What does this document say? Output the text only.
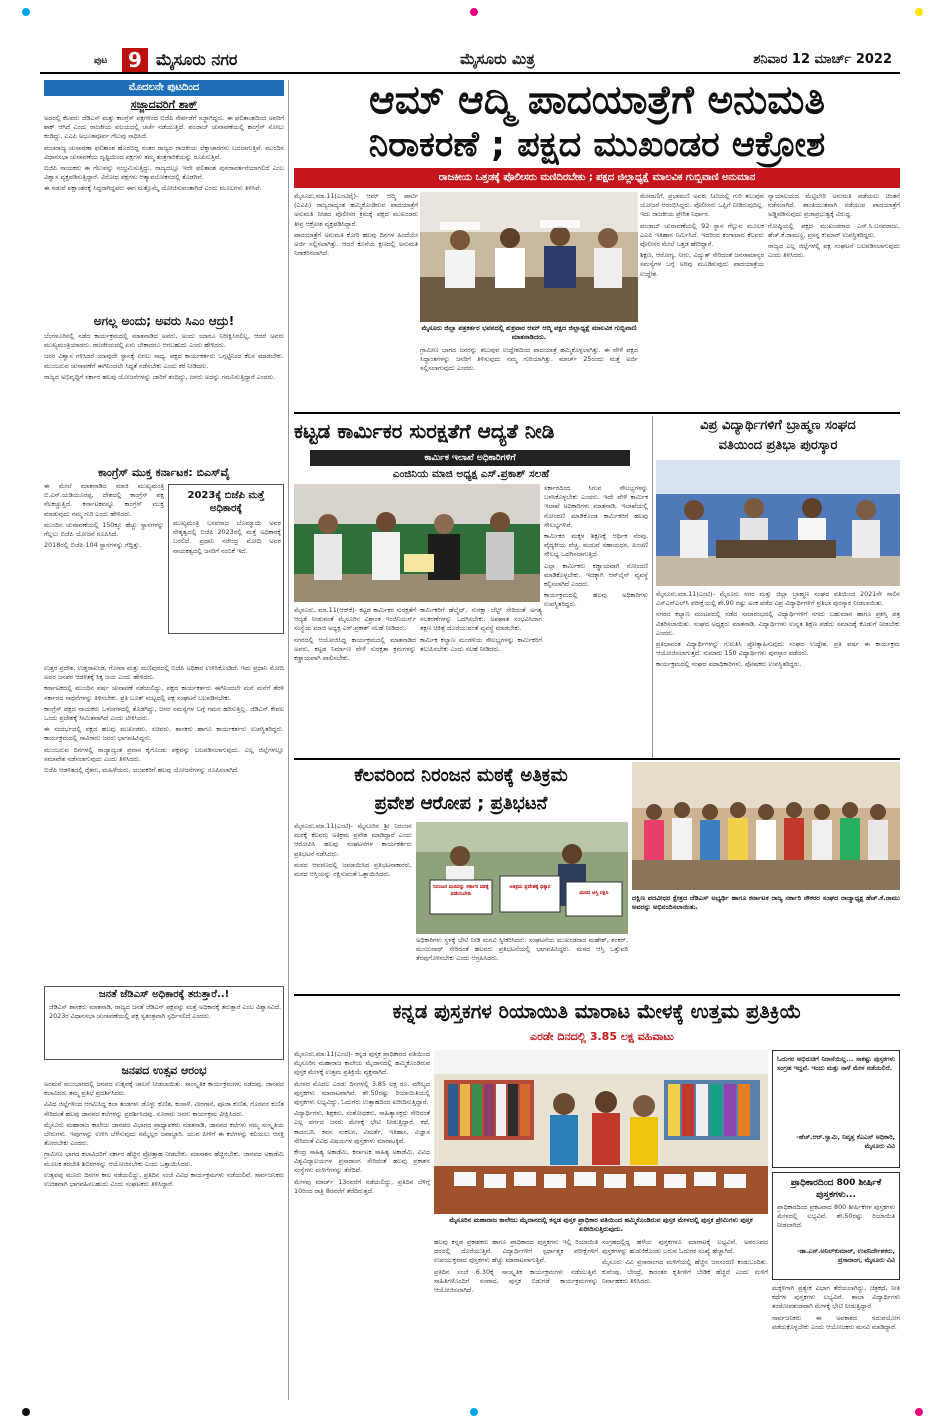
ಪುಟ	9 ಮೈಸೂರು ನಗರ	ಮೈಸೂರು ಮಿತ್ರ	ಶನಿವಾರ 12 ಮಾರ್ಚ್ 2022
ಮೊದಲನೇ ಪುಟದಿಂದ
ಸಜ್ಜಾದವರಿಗೆ ಶಾಕ್

ಅದರಲ್ಲಿ ಕೆಲವರು ಜೆಡಿಎಸ್ ಮತ್ತು ಕಾಂಗ್ರೆಸ್ ಪಕ್ಷಗಳಿಂದ ಬಿಜೆಪಿ ಸೇರ್ಪಡೆಗೆ ಸಜ್ಜಾಗಿದ್ದರು. ಈ ಫಲಿತಾಂಶದಿಂದ ಅವರಿಗೆ ಶಾಕ್ ಆಗಿದೆ ಎಂದು ರಾಜಕೀಯ ವಲಯದಲ್ಲಿ ಚರ್ಚೆ ನಡೆಯುತ್ತಿದೆ. ಪಂಜಾಬ್ ಚುನಾವಣೆಯಲ್ಲಿ ಕಾಂಗ್ರೆಸ್ ಸೋಲು ಕಂಡಿದ್ದು, ಎಎಪಿ ಅಭೂತಪೂರ್ವ ಗೆಲುವು ಸಾಧಿಸಿದೆ.

ಪಂಚರಾಜ್ಯ ಚುನಾವಣಾ ಫಲಿತಾಂಶ ಹೊರಬಿದ್ದ ನಂತರ ರಾಜ್ಯದ ರಾಜಕೀಯ ಲೆಕ್ಕಾಚಾರಗಳು ಬದಲಾಗುತ್ತಿವೆ. ಮುಂದಿನ ವಿಧಾನಸಭಾ ಚುನಾವಣೆಯ ದೃಷ್ಟಿಯಿಂದ ಪಕ್ಷಗಳು ತಮ್ಮ ತಂತ್ರಗಾರಿಕೆಯನ್ನು ರೂಪಿಸುತ್ತಿವೆ.

ಬಿಜೆಪಿ ನಾಯಕರು ಈ ಗೆಲುವನ್ನು ಸಂಭ್ರಮಿಸುತ್ತಿದ್ದು, ರಾಜ್ಯದಲ್ಲೂ ಇದೇ ಫಲಿತಾಂಶ ಪುನರಾವರ್ತನೆಯಾಗಲಿದೆ ಎಂಬ ವಿಶ್ವಾಸ ವ್ಯಕ್ತಪಡಿಸುತ್ತಿದ್ದಾರೆ. ವಿರೋಧ ಪಕ್ಷಗಳು ಆತ್ಮಾವಲೋಕನದಲ್ಲಿ ತೊಡಗಿವೆ.

ಈ ನಡುವೆ ಪಕ್ಷಾಂತರಕ್ಕೆ ಸಿದ್ಧರಾಗಿದ್ದವರು ಈಗ ಮತ್ತೊಮ್ಮೆ ಯೋಚಿಸುವಂತಾಗಿದೆ ಎಂದು ಮೂಲಗಳು ತಿಳಿಸಿವೆ.

ಅಗಲ್ಲ ಅಂದು; ಅವರು ಸಿಎಂ ಆದ್ರು!

ಬೆಂಗಳೂರಿನಲ್ಲಿ ನಡೆದ ಕಾರ್ಯಕ್ರಮದಲ್ಲಿ ಮಾತನಾಡಿದ ಅವರು, ಅಂದು ಯಾರೂ ನಿರೀಕ್ಷಿಸಿರಲಿಲ್ಲ, ಆದರೆ ಅವರು ಮುಖ್ಯಮಂತ್ರಿಯಾದರು. ರಾಜಕೀಯದಲ್ಲಿ ಏನು ಬೇಕಾದರೂ ಆಗಬಹುದು ಎಂದು ಹೇಳಿದರು.

ಜನರ ವಿಶ್ವಾಸ ಗಳಿಸಿದರೆ ಯಾವುದೇ ಸ್ಥಾನಕ್ಕೆ ಏರಲು ಸಾಧ್ಯ. ಪಕ್ಷದ ಕಾರ್ಯಕರ್ತರು ಒಗ್ಗಟ್ಟಿನಿಂದ ಕೆಲಸ ಮಾಡಬೇಕು. ಮುಂಬರುವ ಚುನಾವಣೆಗೆ ಈಗಿನಿಂದಲೇ ಸಿದ್ಧತೆ ನಡೆಸಬೇಕು ಎಂದು ಕರೆ ನೀಡಿದರು.

ರಾಜ್ಯದ ಅಭಿವೃದ್ಧಿಗೆ ಸರ್ಕಾರ ಹಲವು ಯೋಜನೆಗಳನ್ನು ಜಾರಿಗೆ ತಂದಿದ್ದು, ಜನರು ಅದನ್ನು ಗಮನಿಸುತ್ತಿದ್ದಾರೆ ಎಂದರು.

ಕಾಂಗ್ರೆಸ್ ಮುಕ್ತ ಕರ್ನಾಟಕ: ಬಿಎಸ್‌ವೈ

ಈ ಮೇಲೆ ಮಾತನಾಡಿದ ಮಾಜಿ ಮುಖ್ಯಮಂತ್ರಿ ಬಿ.ಎಸ್.ಯಡಿಯೂರಪ್ಪ, ದೇಶದಲ್ಲಿ ಕಾಂಗ್ರೆಸ್ ಪಕ್ಷ ನೆಲಕಚ್ಚುತ್ತಿದೆ. ಕರ್ನಾಟಕವನ್ನೂ ಕಾಂಗ್ರೆಸ್ ಮುಕ್ತ ಮಾಡುವುದು ನಮ್ಮ ಗುರಿ ಎಂದು ಹೇಳಿದರು.

ಮುಂದಿನ ಚುನಾವಣೆಯಲ್ಲಿ 150ಕ್ಕೂ ಹೆಚ್ಚು ಸ್ಥಾನಗಳನ್ನು ಗೆಲ್ಲಲು ಬಿಜೆಪಿ ಯೋಜನೆ ರೂಪಿಸಿದೆ.

2018ರಲ್ಲಿ ಬಿಜೆಪಿ 104 ಸ್ಥಾನಗಳನ್ನು ಗೆದ್ದಿತ್ತು.

2023ಕ್ಕೆ ಬಿಜೆಪಿ ಮತ್ತೆ ಅಧಿಕಾರಕ್ಕೆ

ಮುಖ್ಯಮಂತ್ರಿ ಬಸವರಾಜ ಬೊಮ್ಮಾಯಿ ಅವರ ನೇತೃತ್ವದಲ್ಲಿ ಬಿಜೆಪಿ 2023ರಲ್ಲಿ ಮತ್ತೆ ಅಧಿಕಾರಕ್ಕೆ ಬರಲಿದೆ. ಪ್ರಧಾನಿ ನರೇಂದ್ರ ಮೋದಿ ಅವರ ನಾಯಕತ್ವದಲ್ಲಿ ಜನರಿಗೆ ನಂಬಿಕೆ ಇದೆ.

ಉತ್ತರ ಪ್ರದೇಶ, ಉತ್ತರಾಖಂಡ, ಗೋವಾ ಮತ್ತು ಮಣಿಪುರದಲ್ಲಿ ಬಿಜೆಪಿ ಅಧಿಕಾರ ಉಳಿಸಿಕೊಂಡಿದೆ. ಇದು ಪ್ರಧಾನಿ ಮೋದಿ ಅವರ ಜನಪರ ಆಡಳಿತಕ್ಕೆ ಸಿಕ್ಕ ಜಯ ಎಂದು ಹೇಳಿದರು.

ಕರ್ನಾಟಕದಲ್ಲಿ ಮುಂದಿನ ವರ್ಷ ಚುನಾವಣೆ ನಡೆಯಲಿದ್ದು, ಪಕ್ಷದ ಕಾರ್ಯಕರ್ತರು ಈಗಿನಿಂದಲೇ ಮನೆ ಮನೆಗೆ ತೆರಳಿ ಸರ್ಕಾರದ ಸಾಧನೆಗಳನ್ನು ತಿಳಿಸಬೇಕು. ಪ್ರತಿ ಬೂತ್ ಮಟ್ಟದಲ್ಲಿ ಪಕ್ಷ ಸಂಘಟನೆ ಬಲಪಡಿಸಬೇಕು.

ಕಾಂಗ್ರೆಸ್ ಪಕ್ಷದ ನಾಯಕರು ಒಳಜಗಳದಲ್ಲಿ ತೊಡಗಿದ್ದು, ಜನರ ಸಮಸ್ಯೆಗಳ ಬಗ್ಗೆ ಗಮನ ಹರಿಸುತ್ತಿಲ್ಲ. ಜೆಡಿಎಸ್ ಕೇವಲ ಒಂದು ಪ್ರದೇಶಕ್ಕೆ ಸೀಮಿತವಾಗಿದೆ ಎಂದು ಟೀಕಿಸಿದರು.

ಈ ಸಂದರ್ಭದಲ್ಲಿ ಪಕ್ಷದ ಹಲವು ಮುಖಂಡರು, ಸಚಿವರು, ಶಾಸಕರು ಹಾಗೂ ಕಾರ್ಯಕರ್ತರು ಉಪಸ್ಥಿತರಿದ್ದರು. ಕಾರ್ಯಕ್ರಮದಲ್ಲಿ ಸಾವಿರಾರು ಜನರು ಭಾಗವಹಿಸಿದ್ದರು.

ಮುಂಬರುವ ದಿನಗಳಲ್ಲಿ ರಾಜ್ಯಾದ್ಯಂತ ಪ್ರವಾಸ ಕೈಗೊಂಡು ಪಕ್ಷವನ್ನು ಬಲಪಡಿಸಲಾಗುವುದು. ಎಲ್ಲ ಜಿಲ್ಲೆಗಳಲ್ಲೂ ಸಮಾವೇಶ ನಡೆಸಲಾಗುವುದು ಎಂದು ತಿಳಿಸಿದರು.

ಬಿಜೆಪಿ ಆಡಳಿತದಲ್ಲಿ ರೈತರು, ಮಹಿಳೆಯರು, ಯುವಕರಿಗೆ ಹಲವು ಯೋಜನೆಗಳನ್ನು ರೂಪಿಸಲಾಗಿದೆ.

ಜನತೆ ಜೆಡಿಎಸ್ ಅಧಿಕಾರಕ್ಕೆ ತರುತ್ತಾರೆ..!

ಜೆಡಿಎಸ್ ಶಾಸಕರು ಮಾತನಾಡಿ, ರಾಜ್ಯದ ಜನತೆ ಜೆಡಿಎಸ್ ಪಕ್ಷವನ್ನು ಮತ್ತೆ ಅಧಿಕಾರಕ್ಕೆ ತರುತ್ತಾರೆ ಎಂಬ ವಿಶ್ವಾಸವಿದೆ. 2023ರ ವಿಧಾನಸಭಾ ಚುನಾವಣೆಯಲ್ಲಿ ಪಕ್ಷ ಸ್ವತಂತ್ರವಾಗಿ ಸ್ಪರ್ಧಿಸಲಿದೆ ಎಂದರು.

ಜನಪದ ಉತ್ಸವ ಆರಂಭ

ಅರಮನೆ ಮುಂಭಾಗದಲ್ಲಿ ಜನಪದ ಉತ್ಸವಕ್ಕೆ ಚಾಲನೆ ನೀಡಲಾಯಿತು. ಸಾಂಸ್ಕೃತಿಕ ಕಾರ್ಯಕ್ರಮಗಳು ನಡೆದವು. ಜಾನಪದ ಕಲಾವಿದರು ತಮ್ಮ ಪ್ರತಿಭೆ ಪ್ರದರ್ಶಿಸಿದರು.

ವಿವಿಧ ಜಿಲ್ಲೆಗಳಿಂದ ಆಗಮಿಸಿದ್ದ ಕಲಾ ತಂಡಗಳು ಡೊಳ್ಳು ಕುಣಿತ, ಕಂಸಾಳೆ, ವೀರಗಾಸೆ, ಪೂಜಾ ಕುಣಿತ, ಗೊರವರ ಕುಣಿತ ಸೇರಿದಂತೆ ಹಲವು ಜಾನಪದ ಕಲೆಗಳನ್ನು ಪ್ರದರ್ಶಿಸಿದವು. ನೂರಾರು ಜನರು ಕಾರ್ಯಕ್ರಮ ವೀಕ್ಷಿಸಿದರು.

ಮೈಸೂರು ಮಹಾರಾಜ ಕಾಲೇಜು ಜಾನಪದ ವಿಭಾಗದ ಪ್ರಾಧ್ಯಾಪಕರು ಮಾತನಾಡಿ, ಜಾನಪದ ಕಲೆಗಳು ನಮ್ಮ ಸಂಸ್ಕೃತಿಯ ಬೇರುಗಳು. ಇವುಗಳನ್ನು ಉಳಿಸಿ ಬೆಳೆಸುವುದು ನಮ್ಮೆಲ್ಲರ ಜವಾಬ್ದಾರಿ. ಯುವ ಪೀಳಿಗೆ ಈ ಕಲೆಗಳನ್ನು ಕಲಿಯಲು ಆಸಕ್ತಿ ತೋರಬೇಕು ಎಂದರು.

ಗ್ರಾಮೀಣ ಭಾಗದ ಕಲಾವಿದರಿಗೆ ಸರ್ಕಾರ ಹೆಚ್ಚಿನ ಪ್ರೋತ್ಸಾಹ ನೀಡಬೇಕು. ಮಾಸಾಶನ ಹೆಚ್ಚಿಸಬೇಕು. ಜಾನಪದ ಅಕಾಡೆಮಿ ಮೂಲಕ ತರಬೇತಿ ಶಿಬಿರಗಳನ್ನು ಆಯೋಜಿಸಬೇಕು ಎಂದು ಒತ್ತಾಯಿಸಿದರು.

ಉತ್ಸವವು ಮೂರು ದಿನಗಳ ಕಾಲ ನಡೆಯಲಿದ್ದು, ಪ್ರತಿದಿನ ಸಂಜೆ ವಿವಿಧ ಕಾರ್ಯಕ್ರಮಗಳು ನಡೆಯಲಿವೆ. ಸಾರ್ವಜನಿಕರು ಉಚಿತವಾಗಿ ಭಾಗವಹಿಸಬಹುದು ಎಂದು ಸಂಘಟಕರು ತಿಳಿಸಿದ್ದಾರೆ.

ಆಮ್ ಆದ್ಮಿ ಪಾದಯಾತ್ರೆಗೆ ಅನುಮತಿ
ನಿರಾಕರಣೆ ; ಪಕ್ಷದ ಮುಖಂಡರ ಆಕ್ರೋಶ
ರಾಜಕೀಯ ಒತ್ತಡಕ್ಕೆ ಪೊಲೀಸರು ಮಣಿದಿರಬೇಕು ; ಪಕ್ಷದ ಜಿಲ್ಲಾಧ್ಯಕ್ಷೆ ಮಾಲವಿಕ ಗುಬ್ಬಿವಾಣಿ ಅನುಮಾನ

ಮೈಸೂರು,ಮಾ.11(ಎಂಟಿವೈ)- ಆಮ್ ಆದ್ಮಿ ಪಾರ್ಟಿ (ಎಎಪಿ) ರಾಜ್ಯದಾದ್ಯಂತ ಹಮ್ಮಿಕೊಂಡಿರುವ ಪಾದಯಾತ್ರೆಗೆ ಅನುಮತಿ ನೀಡದ ಪೊಲೀಸರ ಕ್ರಮಕ್ಕೆ ಪಕ್ಷದ ಮುಖಂಡರು ತೀವ್ರ ಆಕ್ರೋಶ ವ್ಯಕ್ತಪಡಿಸಿದ್ದಾರೆ.

ಪಾದಯಾತ್ರೆಗೆ ಅನುಮತಿ ಕೋರಿ ಹಲವು ದಿನಗಳ ಹಿಂದೆಯೇ ಅರ್ಜಿ ಸಲ್ಲಿಸಲಾಗಿತ್ತು. ಆದರೆ ಕೊನೆಯ ಕ್ಷಣದಲ್ಲಿ ಅನುಮತಿ ನಿರಾಕರಿಸಲಾಗಿದೆ.

ಮೇವಾಣಿಗೆ, ಪ್ರಭಾಮಣಿ ಅವರು ಸಿಟಿಯಲ್ಲಿ ಗುರಿ ತಲುಪುವ ಯೋಜನೆ ಆರಂಭಿಸಿದ್ದರು. ಪೊಲೀಸರು ಒಪ್ಪಿಗೆ ನೀಡಿರುವುದಿಲ್ಲ. ಇದು ರಾಜಕೀಯ ಪ್ರೇರಿತ ನಿರ್ಧಾರ.

ಪಂಜಾಬ್ ಚುನಾವಣೆಯಲ್ಲಿ 92 ಸ್ಥಾನ ಗೆಲ್ಲುವ ಮೂಲಕ ಎಎಪಿ ಇತಿಹಾಸ ನಿರ್ಮಿಸಿದೆ. ಇದರಿಂದ ಕಂಗಾಲಾದ ಕೆಲವರು ಪೊಲೀಸರ ಮೇಲೆ ಒತ್ತಡ ಹೇರಿದ್ದಾರೆ.

ಶಿಕ್ಷಣ, ಆರೋಗ್ಯ, ನೀರು, ವಿದ್ಯುತ್ ಸೇರಿದಂತೆ ಜನಸಾಮಾನ್ಯರ ಸಮಸ್ಯೆಗಳ ಬಗ್ಗೆ ಅರಿವು ಮೂಡಿಸುವುದು ಪಾದಯಾತ್ರೆಯ ಉದ್ದೇಶ.

ನ್ಯಾಯಾಲಯದ ಮೆಟ್ಟಿಲೇರಿ ಅನುಮತಿ ಪಡೆಯಲು ಚಿಂತನೆ ನಡೆಸಲಾಗಿದೆ. ಶಾಂತಿಯುತವಾಗಿ ನಡೆಯುವ ಪಾದಯಾತ್ರೆಗೆ ಅಡ್ಡಿಪಡಿಸುವುದು ಪ್ರಜಾಪ್ರಭುತ್ವಕ್ಕೆ ವಿರುದ್ಧ.

ಗೋಷ್ಠಿಯಲ್ಲಿ ಪಕ್ಷದ ಮುಖಂಡರಾದ ಎಸ್.ಸಿ.ಬಸವರಾಜು, ಹೆಚ್.ಕೆ.ರಾಮಣ್ಣ, ಪ್ರಸನ್ನ ಕುಮಾರ್ ಉಪಸ್ಥಿತರಿದ್ದರು.

ರಾಜ್ಯದ ಎಲ್ಲ ಜಿಲ್ಲೆಗಳಲ್ಲಿ ಪಕ್ಷ ಸಂಘಟನೆ ಬಲಪಡಿಸಲಾಗುವುದು ಎಂದು ತಿಳಿಸಿದರು.

ಮೈಸೂರು ಜಿಲ್ಲಾ ಪತ್ರಕರ್ತರ ಭವನದಲ್ಲಿ ಶುಕ್ರವಾರ ಆಮ್ ಆದ್ಮಿ ಪಕ್ಷದ ಜಿಲ್ಲಾಧ್ಯಕ್ಷೆ ಮಾಲವಿಕ ಗುಬ್ಬಿವಾಣಿ ಮಾತನಾಡಿದರು.

ಗ್ರಾಮೀಣ ಭಾಗದ ಜನರನ್ನು ತಲುಪುವ ಉದ್ದೇಶದಿಂದ ಪಾದಯಾತ್ರೆ ಹಮ್ಮಿಕೊಳ್ಳಲಾಗಿತ್ತು. ಈ ವೇಳೆ ಪಕ್ಷದ ಸಿದ್ಧಾಂತಗಳನ್ನು ಜನರಿಗೆ ತಿಳಿಸುವುದು ನಮ್ಮ ಗುರಿಯಾಗಿತ್ತು. ಮಾರ್ಚ್ 25ರಂದು ಮತ್ತೆ ಅರ್ಜಿ ಸಲ್ಲಿಸಲಾಗುವುದು ಎಂದರು.

ಕಟ್ಟಡ ಕಾರ್ಮಿಕರ ಸುರಕ್ಷತೆಗೆ ಆದ್ಯತೆ ನೀಡಿ
ಕಾರ್ಮಿಕ ಇಲಾಖೆ ಅಧಿಕಾರಿಗಳಿಗೆ
ಎಂಜಿನಿಯ ಮಾಜಿ ಅಧ್ಯಕ್ಷ ಎಸ್.ಪ್ರಕಾಶ್ ಸಲಹೆ

ಮೈಸೂರು, ಮಾ.11(ಆರ್‌ಕೆ)- ಕಟ್ಟಡ ಕಾರ್ಮಿಕರ ಸುರಕ್ಷತೆಗೆ ಆದ್ಯತೆ ನೀಡುವಂತೆ ಮೈಸೂರಿನ ವಿಶ್ರಾಂತ ಇಂಜಿನಿಯರ್ಸ್ ಸಂಸ್ಥೆಯ ಮಾಜಿ ಅಧ್ಯಕ್ಷ ಎಸ್.ಪ್ರಕಾಶ್ ಸಲಹೆ ನೀಡಿದರು.

ನಗರದಲ್ಲಿ ಆಯೋಜಿಸಿದ್ದ ಕಾರ್ಯಕ್ರಮದಲ್ಲಿ ಮಾತನಾಡಿದ ಅವರು, ಕಟ್ಟಡ ನಿರ್ಮಾಣ ವೇಳೆ ಸುರಕ್ಷತಾ ಕ್ರಮಗಳನ್ನು ಕಡ್ಡಾಯವಾಗಿ ಪಾಲಿಸಬೇಕು.

ಕಾರ್ಮಿಕರಿಗೆ ಹೆಲ್ಮೆಟ್, ಸುರಕ್ಷಾ ಬೆಲ್ಟ್ ಸೇರಿದಂತೆ ಅಗತ್ಯ ಸಲಕರಣೆಗಳನ್ನು ಒದಗಿಸಬೇಕು. ಅಪಘಾತ ಸಂಭವಿಸಿದಾಗ ತಕ್ಷಣ ಚಿಕಿತ್ಸೆ ದೊರೆಯುವಂತೆ ವ್ಯವಸ್ಥೆ ಮಾಡಬೇಕು.

ಕಾರ್ಮಿಕ ಕಲ್ಯಾಣ ಮಂಡಳಿಯ ಸೌಲಭ್ಯಗಳನ್ನು ಕಾರ್ಮಿಕರಿಗೆ ತಲುಪಿಸಬೇಕು ಎಂದು ಸಲಹೆ ನೀಡಿದರು.

ಸರ್ಕಾರದಿಂದ ಸಿಗುವ ಸೌಲಭ್ಯಗಳನ್ನು ಬಳಸಿಕೊಳ್ಳಬೇಕು ಎಂದರು. ಇದೇ ವೇಳೆ ಕಾರ್ಮಿಕ ಇಲಾಖೆ ಅಧಿಕಾರಿಗಳು ಮಾತನಾಡಿ, ಇಲಾಖೆಯಲ್ಲಿ ನೋಂದಣಿ ಮಾಡಿಕೊಂಡ ಕಾರ್ಮಿಕರಿಗೆ ಹಲವು ಸೌಲಭ್ಯಗಳಿವೆ.

ಕಾರ್ಮಿಕರ ಮಕ್ಕಳ ಶಿಕ್ಷಣಕ್ಕೆ ಆರ್ಥಿಕ ನೆರವು, ವೈದ್ಯಕೀಯ ವೆಚ್ಚ, ಮದುವೆ ಸಹಾಯಧನ, ಪಿಂಚಣಿ ಸೌಲಭ್ಯ ಒದಗಿಸಲಾಗುತ್ತಿದೆ.

ಎಲ್ಲಾ ಕಾರ್ಮಿಕರು ಕಡ್ಡಾಯವಾಗಿ ನೋಂದಣಿ ಮಾಡಿಕೊಳ್ಳಬೇಕು. ಇದಕ್ಕಾಗಿ ಆನ್‌ಲೈನ್ ವ್ಯವಸ್ಥೆ ಕಲ್ಪಿಸಲಾಗಿದೆ ಎಂದರು.

ಕಾರ್ಯಕ್ರಮದಲ್ಲಿ ಹಲವು ಅಧಿಕಾರಿಗಳು ಉಪಸ್ಥಿತರಿದ್ದರು.

ವಿಪ್ರ ವಿದ್ಯಾರ್ಥಿಗಳಿಗೆ ಬ್ರಾಹ್ಮಣ ಸಂಘದ
ವತಿಯಿಂದ ಪ್ರತಿಭಾ ಪುರಸ್ಕಾರ

ಮೈಸೂರು,ಮಾ.11(ಎಂಟಿ)- ಮೈಸೂರು ನಗರ ಮತ್ತು ಜಿಲ್ಲಾ ಬ್ರಾಹ್ಮಣ ಸಂಘದ ವತಿಯಿಂದ 2021ನೇ ಸಾಲಿನ ಎಸ್‌ಎಸ್‌ಎಲ್‌ಸಿ ಪರೀಕ್ಷೆಯಲ್ಲಿ ಶೇ.90 ರಷ್ಟು ಅಂಕ ಪಡೆದ ವಿಪ್ರ ವಿದ್ಯಾರ್ಥಿಗಳಿಗೆ ಪ್ರತಿಭಾ ಪುರಸ್ಕಾರ ನೀಡಲಾಯಿತು.

ನಗರದ ಕಲ್ಯಾಣ ಮಂಟಪದಲ್ಲಿ ನಡೆದ ಸಮಾರಂಭದಲ್ಲಿ ವಿದ್ಯಾರ್ಥಿಗಳಿಗೆ ನಗದು ಬಹುಮಾನ ಹಾಗೂ ಪ್ರಶಸ್ತಿ ಪತ್ರ ವಿತರಿಸಲಾಯಿತು. ಸಂಘದ ಅಧ್ಯಕ್ಷರು ಮಾತನಾಡಿ, ವಿದ್ಯಾರ್ಥಿಗಳು ಉನ್ನತ ಶಿಕ್ಷಣ ಪಡೆದು ಸಮಾಜಕ್ಕೆ ಕೊಡುಗೆ ನೀಡಬೇಕು ಎಂದರು.

ಪ್ರತಿಭಾವಂತ ವಿದ್ಯಾರ್ಥಿಗಳನ್ನು ಗುರುತಿಸಿ ಪ್ರೋತ್ಸಾಹಿಸುವುದು ಸಂಘದ ಉದ್ದೇಶ. ಪ್ರತಿ ವರ್ಷ ಈ ಕಾರ್ಯಕ್ರಮ ಆಯೋಜಿಸಲಾಗುತ್ತದೆ. ಸುಮಾರು 150 ವಿದ್ಯಾರ್ಥಿಗಳು ಪುರಸ್ಕಾರ ಪಡೆದರು.

ಕಾರ್ಯಕ್ರಮದಲ್ಲಿ ಸಂಘದ ಪದಾಧಿಕಾರಿಗಳು, ಪೋಷಕರು ಉಪಸ್ಥಿತರಿದ್ದರು.

ಕೆಲವರಿಂದ ನಿರಂಜನ ಮಠಕ್ಕೆ ಅತಿಕ್ರಮ
ಪ್ರವೇಶ ಆರೋಪ ; ಪ್ರತಿಭಟನೆ

ಮೈಸೂರು,ಮಾ.11(ಎಂಟಿ)- ಮೈಸೂರಿನ ಶ್ರೀ ನಿರಂಜನ ಮಠಕ್ಕೆ ಕೆಲವರು ಅತಿಕ್ರಮ ಪ್ರವೇಶ ಮಾಡಿದ್ದಾರೆ ಎಂದು ಆರೋಪಿಸಿ ಹಲವು ಸಂಘಟನೆಗಳ ಕಾರ್ಯಕರ್ತರು ಪ್ರತಿಭಟನೆ ನಡೆಸಿದರು.

ಮಠದ ಆವರಣದಲ್ಲಿ ಜಮಾಯಿಸಿದ ಪ್ರತಿಭಟನಾಕಾರರು, ಮಠದ ಆಸ್ತಿಯನ್ನು ರಕ್ಷಿಸುವಂತೆ ಒತ್ತಾಯಿಸಿದರು.

ನಿರಂಜನ ಮಠವನ್ನು ಸರ್ಕಾರ ವಶಕ್ಕೆ ಪಡೆಯಬೇಕು
ಅತಿಕ್ರಮ ಪ್ರವೇಶಕ್ಕೆ ಧಿಕ್ಕಾರ
ಮಠದ ಆಸ್ತಿ ರಕ್ಷಿಸಿ

ಅಧಿಕಾರಿಗಳು ಸ್ಥಳಕ್ಕೆ ಭೇಟಿ ನೀಡಿ ಮನವಿ ಸ್ವೀಕರಿಸಿದರು. ಸಂಘಟನೆಯ ಮುಖಂಡರಾದ ಮಹೇಶ್, ಶಂಕರ್, ಮಂಜುನಾಥ್ ಸೇರಿದಂತೆ ಹಲವರು ಪ್ರತಿಭಟನೆಯಲ್ಲಿ ಭಾಗವಹಿಸಿದ್ದರು. ಮಠದ ಆಸ್ತಿ ಒತ್ತುವರಿ ತೆರವುಗೊಳಿಸಬೇಕು ಎಂದು ಆಗ್ರಹಿಸಿದರು.

ದಕ್ಷಿಣ ಪದವೀಧರ ಕ್ಷೇತ್ರದ ಜೆಡಿಎಸ್ ಅಭ್ಯರ್ಥಿ ಹಾಗೂ ಕರ್ನಾಟಕ ರಾಜ್ಯ ಸರ್ಕಾರಿ ನೌಕರರ ಸಂಘದ ರಾಜ್ಯಾಧ್ಯಕ್ಷ ಹೆಚ್.ಕೆ.ರಾಮು ಅವರನ್ನು ಅಭಿನಂದಿಸಲಾಯಿತು.
ಕನ್ನಡ ಪುಸ್ತಕಗಳ ರಿಯಾಯಿತಿ ಮಾರಾಟ ಮೇಳಕ್ಕೆ ಉತ್ತಮ ಪ್ರತಿಕ್ರಿಯೆ
ಎರಡೇ ದಿನದಲ್ಲಿ 3.85 ಲಕ್ಷ ವಹಿವಾಟು

ಮೈಸೂರು,ಮಾ.11(ಎಂಟಿ)- ಕನ್ನಡ ಪುಸ್ತಕ ಪ್ರಾಧಿಕಾರದ ವತಿಯಿಂದ ಮೈಸೂರಿನ ಮಹಾರಾಜ ಕಾಲೇಜು ಮೈದಾನದಲ್ಲಿ ಹಮ್ಮಿಕೊಂಡಿರುವ ಪುಸ್ತಕ ಮೇಳಕ್ಕೆ ಉತ್ತಮ ಪ್ರತಿಕ್ರಿಯೆ ವ್ಯಕ್ತವಾಗಿದೆ.

ಮೇಳದ ಮೊದಲ ಎರಡು ದಿನಗಳಲ್ಲಿ 3.85 ಲಕ್ಷ ರೂ. ಮೌಲ್ಯದ ಪುಸ್ತಕಗಳು ಮಾರಾಟವಾಗಿವೆ. ಶೇ.50ರಷ್ಟು ರಿಯಾಯಿತಿಯಲ್ಲಿ ಪುಸ್ತಕಗಳು ಲಭ್ಯವಿದ್ದು, ಓದುಗರು ಉತ್ಸಾಹದಿಂದ ಖರೀದಿಸುತ್ತಿದ್ದಾರೆ.

ವಿದ್ಯಾರ್ಥಿಗಳು, ಶಿಕ್ಷಕರು, ಸಂಶೋಧಕರು, ಸಾಹಿತ್ಯಾಸಕ್ತರು ಸೇರಿದಂತೆ ಎಲ್ಲ ವರ್ಗದ ಜನರು ಮೇಳಕ್ಕೆ ಭೇಟಿ ನೀಡುತ್ತಿದ್ದಾರೆ. ಕಥೆ, ಕಾದಂಬರಿ, ಕವನ ಸಂಕಲನ, ವಿಮರ್ಶೆ, ಇತಿಹಾಸ, ವಿಜ್ಞಾನ ಸೇರಿದಂತೆ ವಿವಿಧ ವಿಷಯಗಳ ಪುಸ್ತಕಗಳು ಮಾರಾಟಕ್ಕಿವೆ.

ಕೇಂದ್ರ ಸಾಹಿತ್ಯ ಅಕಾಡೆಮಿ, ಕರ್ನಾಟಕ ಸಾಹಿತ್ಯ ಅಕಾಡೆಮಿ, ವಿವಿಧ ವಿಶ್ವವಿದ್ಯಾಲಯಗಳ ಪ್ರಸಾರಾಂಗ ಸೇರಿದಂತೆ ಹಲವು ಪ್ರಕಾಶನ ಸಂಸ್ಥೆಗಳು ಮಳಿಗೆಗಳನ್ನು ತೆರೆದಿವೆ.

ಮೇಳವು ಮಾರ್ಚ್ 13ರವರೆಗೆ ನಡೆಯಲಿದ್ದು, ಪ್ರತಿದಿನ ಬೆಳಿಗ್ಗೆ 10ರಿಂದ ರಾತ್ರಿ 8ರವರೆಗೆ ತೆರೆದಿರುತ್ತದೆ.

ಮೈಸೂರಿನ ಮಹಾರಾಜ ಕಾಲೇಜು ಮೈದಾನದಲ್ಲಿ ಕನ್ನಡ ಪುಸ್ತಕ ಪ್ರಾಧಿಕಾರ ವತಿಯಿಂದ ಹಮ್ಮಿಕೊಂಡಿರುವ ಪುಸ್ತಕ ಮೇಳದಲ್ಲಿ ಪುಸ್ತಕ ಪ್ರೇಮಿಗಳು ಪುಸ್ತಕ ಖರೀದಿಸುತ್ತಿರುವುದು.

ಹಲವು ಕನ್ನಡ ಪ್ರಕಾಶಕರು ಹಾಗೂ ಪ್ರಾಧಿಕಾರದ ಪುಸ್ತಕಗಳು ಇಲ್ಲಿ ರಿಯಾಯಿತಿ ದರದಲ್ಲಿ ದೊರೆಯುತ್ತಿವೆ. ವಿದ್ಯಾರ್ಥಿಗಳಿಗೆ ಸ್ಪರ್ಧಾತ್ಮಕ ಪರೀಕ್ಷೆಗಳಿಗೆ ಉಪಯುಕ್ತವಾದ ಪುಸ್ತಕಗಳು ಹೆಚ್ಚು ಮಾರಾಟವಾಗುತ್ತಿವೆ.

ಪ್ರತಿದಿನ ಸಂಜೆ 6.30ಕ್ಕೆ ಸಾಂಸ್ಕೃತಿಕ ಕಾರ್ಯಕ್ರಮಗಳು ನಡೆಯುತ್ತಿವೆ. ಸಾಹಿತಿಗಳೊಂದಿಗೆ ಸಂವಾದ, ಪುಸ್ತಕ ಬಿಡುಗಡೆ ಕಾರ್ಯಕ್ರಮಗಳನ್ನು ಆಯೋಜಿಸಲಾಗಿದೆ.

ಸಂಗ್ರಹದಲ್ಲಿದ್ದ ಹಳೆಯ ಪುಸ್ತಕಗಳೂ ಮಾರಾಟಕ್ಕೆ ಲಭ್ಯವಿವೆ. ಅಪರೂಪದ ಪುಸ್ತಕಗಳನ್ನು ಹುಡುಕಿಕೊಂಡು ಬರುವ ಓದುಗರ ಸಂಖ್ಯೆ ಹೆಚ್ಚಾಗಿದೆ.

ಮೈಸೂರು ವಿವಿ ಪ್ರಸಾರಾಂಗದ ಮಳಿಗೆಯಲ್ಲಿ ಹೆಚ್ಚಿನ ಜನಸಂದಣಿ ಕಂಡುಬಂದಿತು. ಕುವೆಂಪು, ಬೇಂದ್ರೆ, ಕಾರಂತರ ಕೃತಿಗಳಿಗೆ ಬೇಡಿಕೆ ಹೆಚ್ಚಿದೆ ಎಂದು ಮಳಿಗೆ ನಿರ್ವಾಹಕರು ತಿಳಿಸಿದರು.

ಓದುಗರ ಅಭಿರುಚಿಗೆ ನಿರಾಸೆಯಿಲ್ಲ... ಸಾಕಷ್ಟು ಪುಸ್ತಕಗಳು ಸಂಗ್ರಹ ಇದ್ದವೆ. ಇಂದು ಮತ್ತು ನಾಳೆ ಮೇಳ ನಡೆಯಲಿದೆ.
-ಹೆಚ್.ಆರ್.ಸ್ವಾಮಿ, ನಿವೃತ್ತ ಕೆಎಎಸ್ ಅಧಿಕಾರಿ, ಮೈಸೂರು ವಿವಿ
ಪ್ರಾಧಿಕಾರದಿಂದ 800 ಶೀರ್ಷಿಕೆ ಪುಸ್ತಕಗಳು...

ಪ್ರಾಧಿಕಾರದಿಂದ ಪ್ರಕಟವಾದ 800 ಶೀರ್ಷಿಕೆಗಳ ಪುಸ್ತಕಗಳು ಮೇಳದಲ್ಲಿ ಲಭ್ಯವಿವೆ. ಶೇ.50ರಷ್ಟು ರಿಯಾಯಿತಿ ನೀಡಲಾಗಿದೆ.

-ಡಾ.ಎಸ್.ಅನಿಲ್‌ಕುಮಾರ್, ಉಪನಿರ್ದೇಶಕರು, ಪ್ರಸಾರಾಂಗ, ಮೈಸೂರು ವಿವಿ

ಮಕ್ಕಳಿಗಾಗಿ ಪ್ರತ್ಯೇಕ ವಿಭಾಗ ತೆರೆಯಲಾಗಿದ್ದು, ಚಿತ್ರಕಥೆ, ನೀತಿ ಕಥೆಗಳ ಪುಸ್ತಕಗಳು ಲಭ್ಯವಿವೆ. ಶಾಲಾ ವಿದ್ಯಾರ್ಥಿಗಳು ತಂಡೋಪತಂಡವಾಗಿ ಮೇಳಕ್ಕೆ ಭೇಟಿ ನೀಡುತ್ತಿದ್ದಾರೆ.

ಸಾರ್ವಜನಿಕರು ಈ ಅವಕಾಶದ ಸದುಪಯೋಗ ಪಡೆದುಕೊಳ್ಳಬೇಕು ಎಂದು ಆಯೋಜಕರು ಮನವಿ ಮಾಡಿದ್ದಾರೆ.
